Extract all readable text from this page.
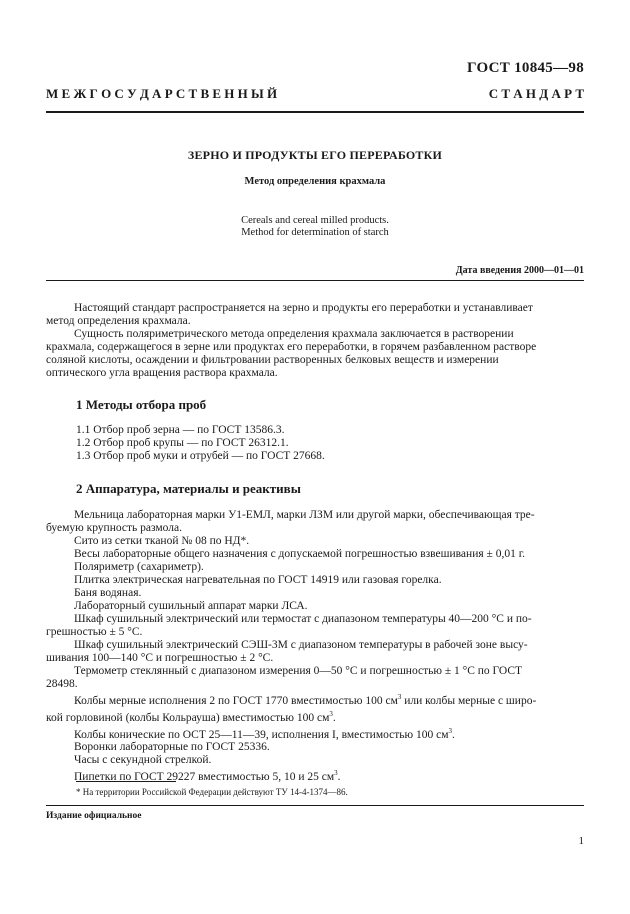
ГОСТ 10845—98
М Е Ж Г О С У Д А Р С Т В Е Н Н Ы Й	С Т А Н Д А Р Т
ЗЕРНО И ПРОДУКТЫ ЕГО ПЕРЕРАБОТКИ
Метод определения крахмала
Cereals and cereal milled products.
Method for determination of starch
Дата введения 2000—01—01

Настоящий стандарт распространяется на зерно и продукты его переработки и устанавливает

метод определения крахмала.

Сущность поляриметрического метода определения крахмала заключается в растворении

крахмала, содержащегося в зерне или продуктах его переработки, в горячем разбавленном растворе

соляной кислоты, осаждении и фильтровании растворенных белковых веществ и измерении

оптического угла вращения раствора крахмала.

1 Методы отбора проб

1.1 Отбор проб зерна — по ГОСТ 13586.3.

1.2 Отбор проб крупы — по ГОСТ 26312.1.

1.3 Отбор проб муки и отрубей — по ГОСТ 27668.

2 Аппаратура, материалы и реактивы

Мельница лабораторная марки У1-ЕМЛ, марки ЛЗМ или другой марки, обеспечивающая тре-

буемую крупность размола.

Сито из сетки тканой № 08 по НД*.

Весы лабораторные общего назначения с допускаемой погрешностью взвешивания ± 0,01 г.

Поляриметр (сахариметр).

Плитка электрическая нагревательная по ГОСТ 14919 или газовая горелка.

Баня водяная.

Лабораторный сушильный аппарат марки ЛСА.

Шкаф сушильный электрический или термостат с диапазоном температуры 40—200 °С и по-

грешностью ± 5 °С.

Шкаф сушильный электрический СЭШ-3М с диапазоном температуры в рабочей зоне высу-

шивания 100—140 °С и погрешностью ± 2 °С.

Термометр стеклянный с диапазоном измерения 0—50 °С и погрешностью ± 1 °С по ГОСТ

28498.

Колбы мерные исполнения 2 по ГОСТ 1770 вместимостью 100 $см^3$ или колбы мерные с широ-

кой горловиной (колбы Кольрауша) вместимостью 100 $см^3$.

Колбы конические по ОСТ 25—11—39, исполнения I, вместимостью 100 $см^3$.

Воронки лабораторные по ГОСТ 25336.

Часы с секундной стрелкой.

Пипетки по ГОСТ 29227 вместимостью 5, 10 и 25 $см^3$.

* На территории Российской Федерации действуют ТУ 14-4-1374—86.
Издание официальное
1
